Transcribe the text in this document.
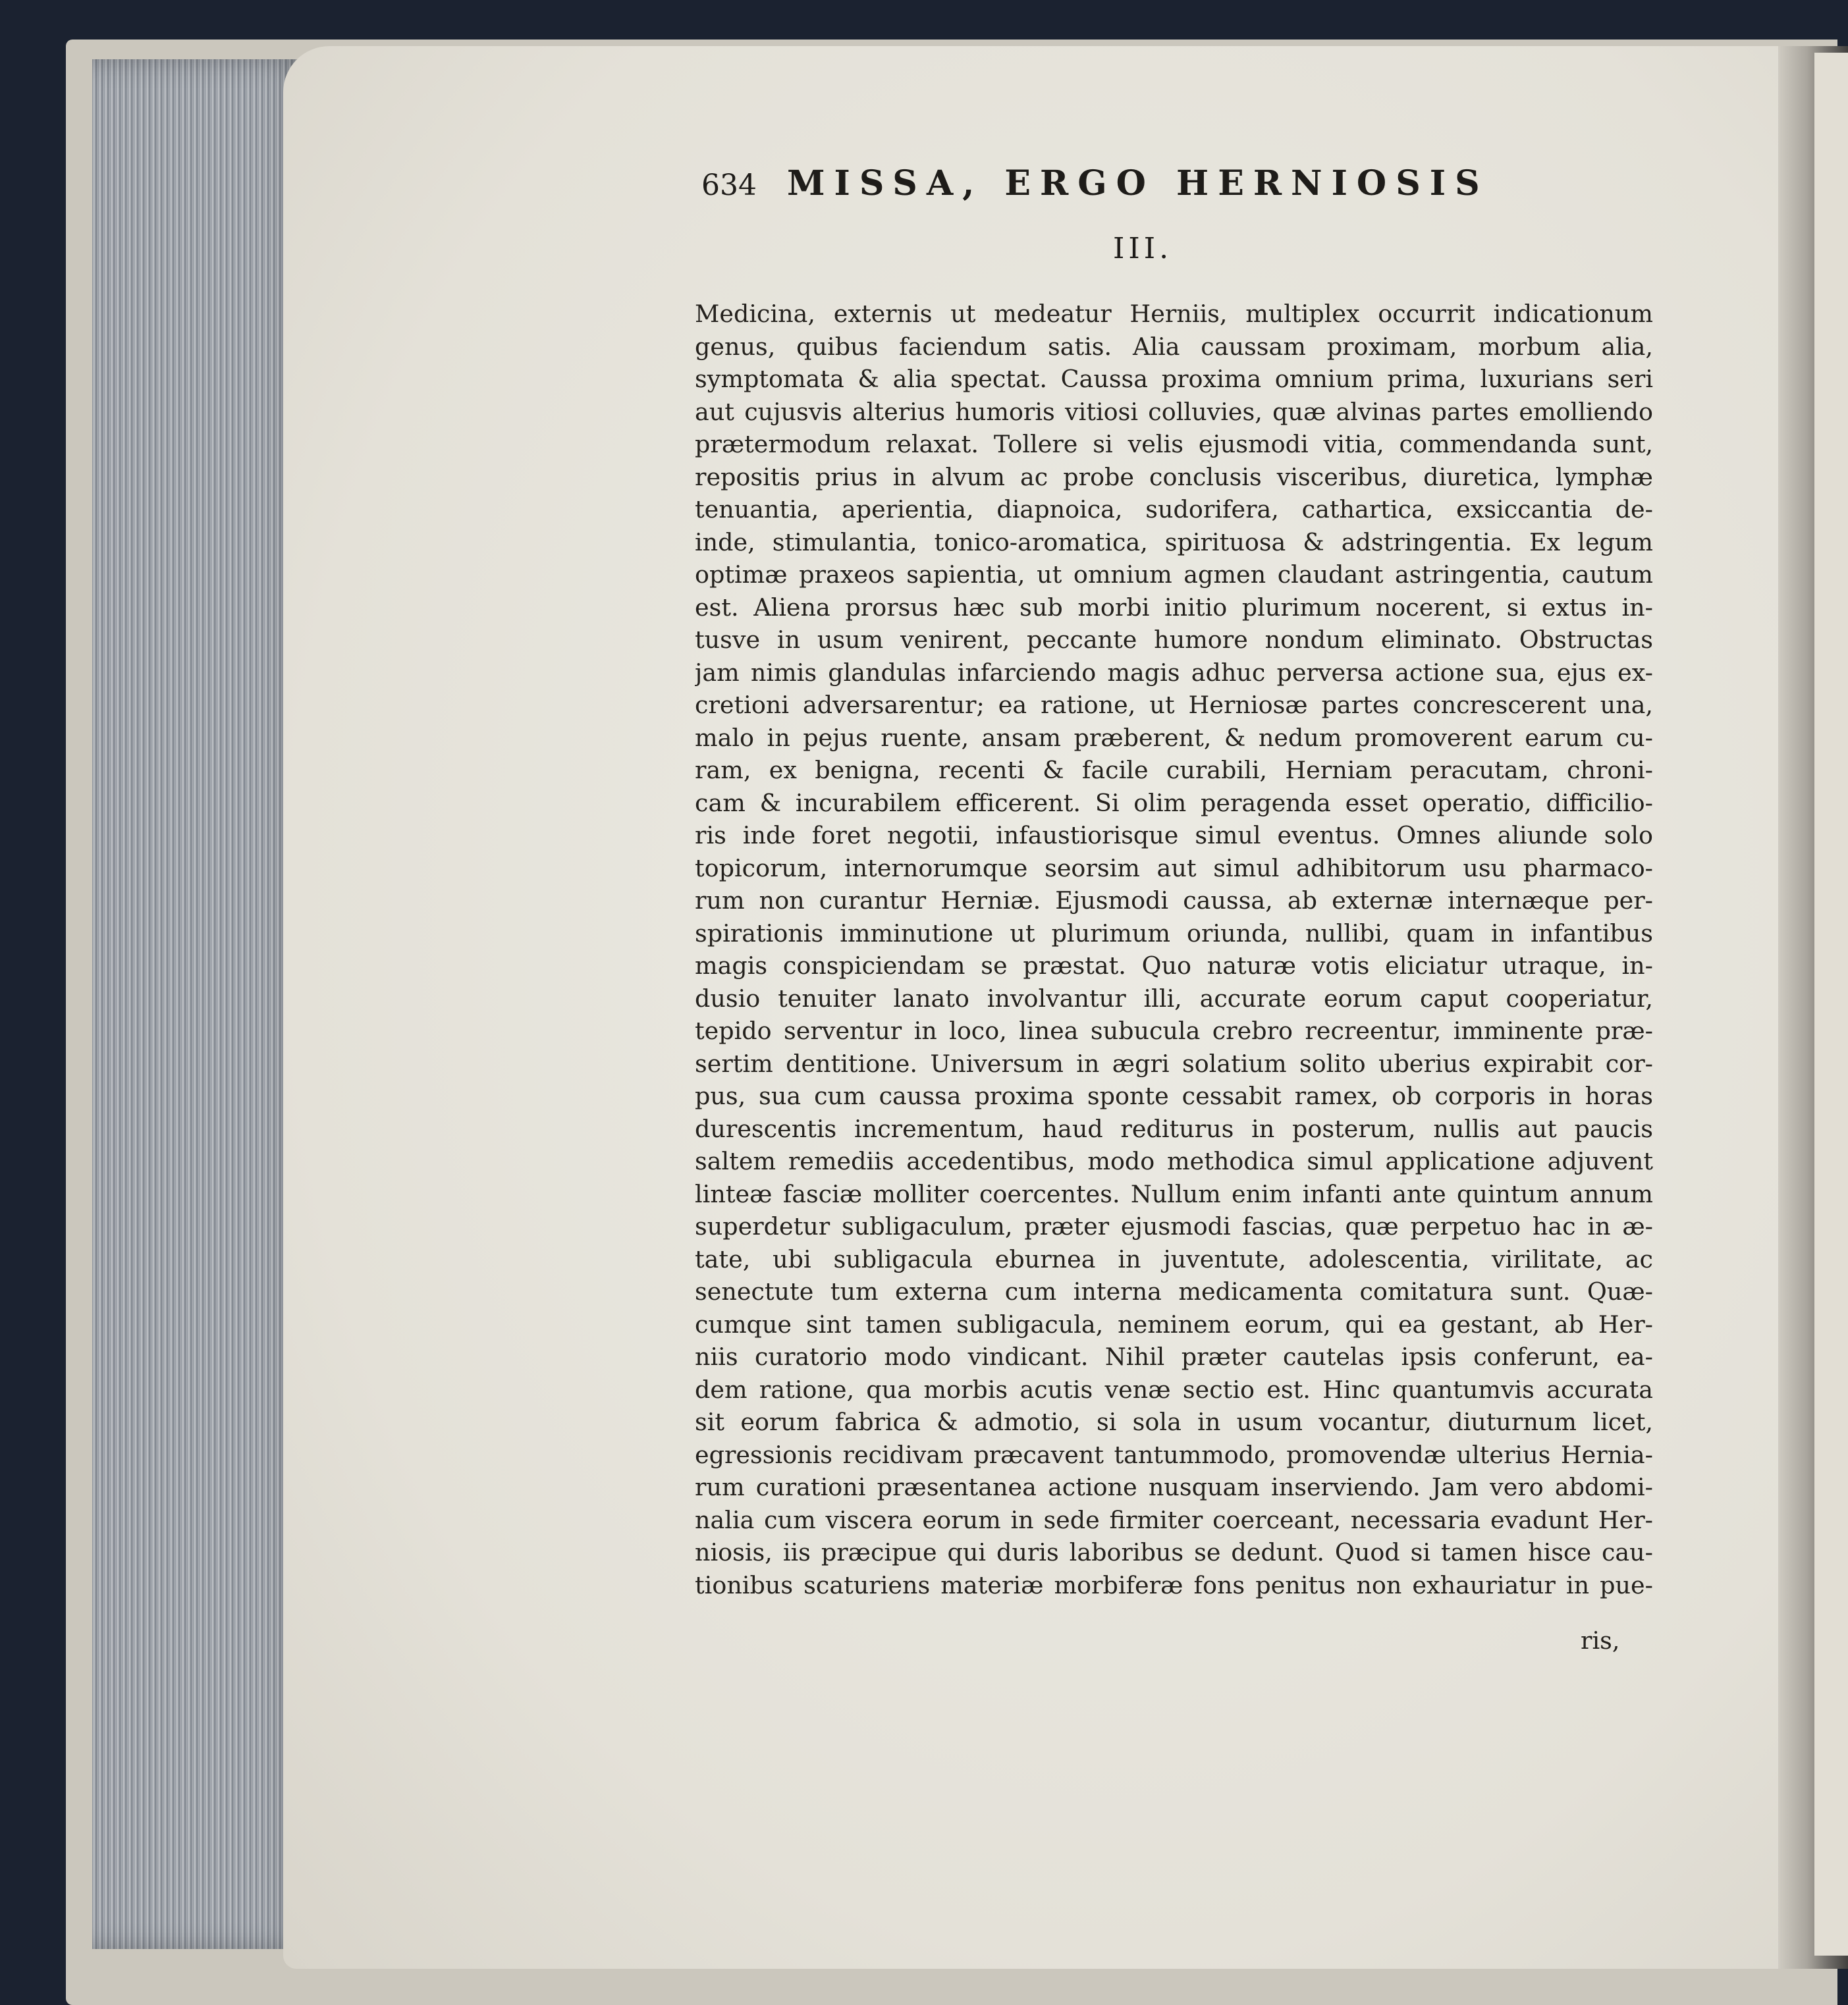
634 MISSA, ERGO HERNIOSIS
III.
Medicina, externis ut medeatur Herniis, multiplex occurrit indicationum
genus, quibus faciendum satis. Alia caussam proximam, morbum alia,
symptomata & alia spectat. Caussa proxima omnium prima, luxurians seri
aut cujusvis alterius humoris vitiosi colluvies, quæ alvinas partes emolliendo
prætermodum relaxat. Tollere si velis ejusmodi vitia, commendanda sunt,
repositis prius in alvum ac probe conclusis visceribus, diuretica, lymphæ
tenuantia, aperientia, diapnoica, sudorifera, cathartica, exsiccantia de-
inde, stimulantia, tonico-aromatica, spirituosa & adstringentia. Ex legum
optimæ praxeos sapientia, ut omnium agmen claudant astringentia, cautum
est. Aliena prorsus hæc sub morbi initio plurimum nocerent, si extus in-
tusve in usum venirent, peccante humore nondum eliminato. Obstructas
jam nimis glandulas infarciendo magis adhuc perversa actione sua, ejus ex-
cretioni adversarentur; ea ratione, ut Herniosæ partes concrescerent una,
malo in pejus ruente, ansam præberent, & nedum promoverent earum cu-
ram, ex benigna, recenti & facile curabili, Herniam peracutam, chroni-
cam & incurabilem efficerent. Si olim peragenda esset operatio, difficilio-
ris inde foret negotii, infaustiorisque simul eventus. Omnes aliunde solo
topicorum, internorumque seorsim aut simul adhibitorum usu pharmaco-
rum non curantur Herniæ. Ejusmodi caussa, ab externæ internæque per-
spirationis imminutione ut plurimum oriunda, nullibi, quam in infantibus
magis conspiciendam se præstat. Quo naturæ votis eliciatur utraque, in-
dusio tenuiter lanato involvantur illi, accurate eorum caput cooperiatur,
tepido serventur in loco, linea subucula crebro recreentur, imminente præ-
sertim dentitione. Universum in ægri solatium solito uberius expirabit cor-
pus, sua cum caussa proxima sponte cessabit ramex, ob corporis in horas
durescentis incrementum, haud rediturus in posterum, nullis aut paucis
saltem remediis accedentibus, modo methodica simul applicatione adjuvent
linteæ fasciæ molliter coercentes. Nullum enim infanti ante quintum annum
superdetur subligaculum, præter ejusmodi fascias, quæ perpetuo hac in æ-
tate, ubi subligacula eburnea in juventute, adolescentia, virilitate, ac
senectute tum externa cum interna medicamenta comitatura sunt. Quæ-
cumque sint tamen subligacula, neminem eorum, qui ea gestant, ab Her-
niis curatorio modo vindicant. Nihil præter cautelas ipsis conferunt, ea-
dem ratione, qua morbis acutis venæ sectio est. Hinc quantumvis accurata
sit eorum fabrica & admotio, si sola in usum vocantur, diuturnum licet,
egressionis recidivam præcavent tantummodo, promovendæ ulterius Hernia-
rum curationi præsentanea actione nusquam inserviendo. Jam vero abdomi-
nalia cum viscera eorum in sede firmiter coerceant, necessaria evadunt Her-
niosis, iis præcipue qui duris laboribus se dedunt. Quod si tamen hisce cau-
tionibus scaturiens materiæ morbiferæ fons penitus non exhauriatur in pue-
ris,
